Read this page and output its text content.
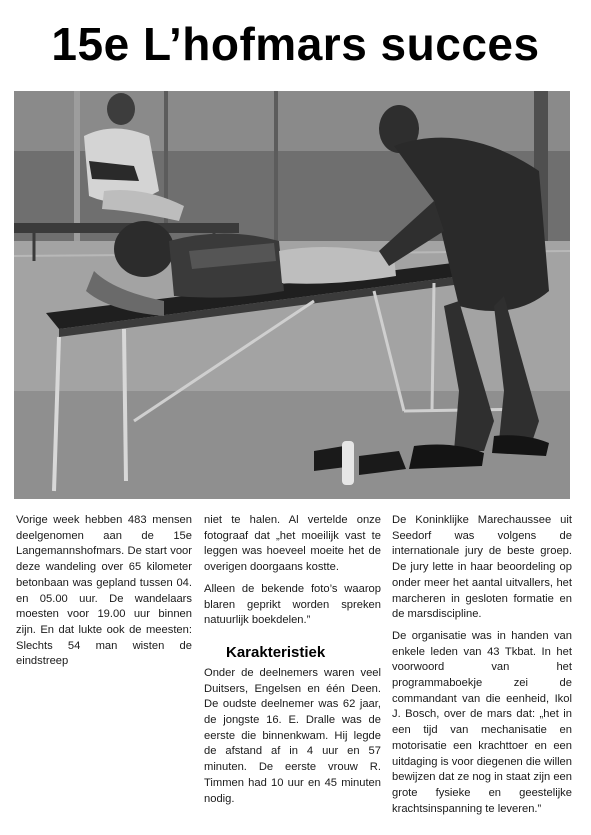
15e L’hofmars succes

Vorige week hebben 483 mensen deelgenomen aan de 15e Langemannshofmars. De start voor deze wandeling over 65 kilometer betonbaan was gepland tussen 04. en 05.00 uur. De wandelaars moesten voor 19.00 uur binnen zijn. En dat lukte ook de meesten: Slechts 54 man wisten de eindstreep

niet te halen. Al vertelde onze fotograaf dat „het moeilijk vast te leggen was hoeveel moeite het de overigen doorgaans kostte.

Alleen de bekende foto’s waarop blaren geprikt worden spreken natuurlijk boekdelen.”

Karakteristiek

Onder de deelnemers waren veel Duitsers, Engelsen en één Deen. De oudste deelnemer was 62 jaar, de jongste 16. E. Dralle was de eerste die binnenkwam. Hij legde de afstand af in 4 uur en 57 minuten. De eerste vrouw R. Timmen had 10 uur en 45 minuten nodig.

De Koninklijke Marechaussee uit Seedorf was volgens de internationale jury de beste groep. De jury lette in haar beoordeling op onder meer het aantal uitvallers, het marcheren in gesloten formatie en de marsdiscipline.

De organisatie was in handen van enkele leden van 43 Tkbat. In het voorwoord van het programmaboekje zei de commandant van die eenheid, Ikol J. Bosch, over de mars dat: „het in een tijd van mechanisatie en motorisatie een krachttoer en een uitdaging is voor diegenen die willen bewijzen dat ze nog in staat zijn een grote fysieke en geestelijke krachtsinspanning te leveren.”
